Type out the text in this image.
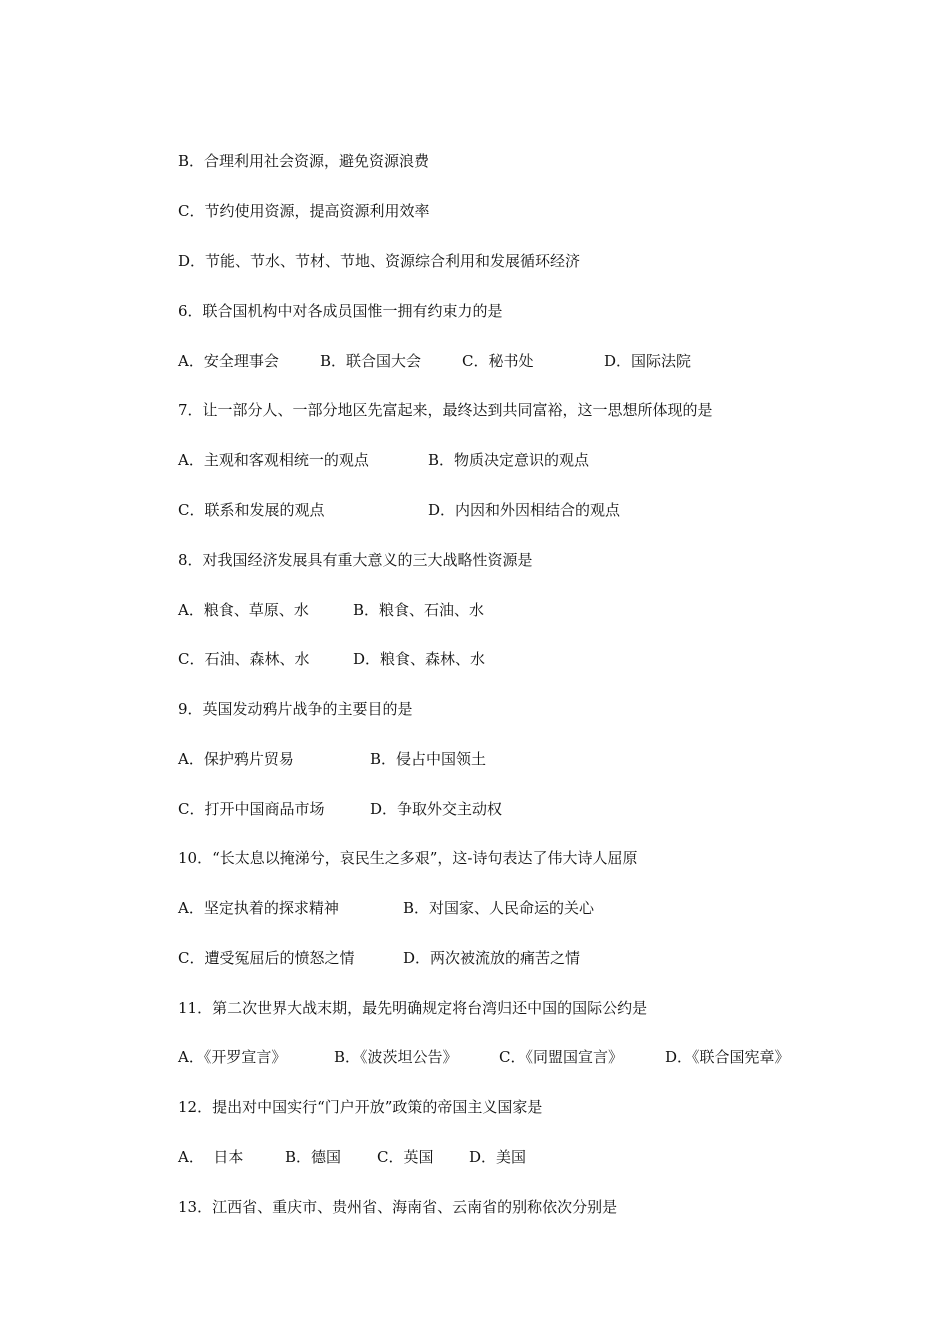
B．合理利用社会资源，避免资源浪费
C．节约使用资源，提高资源利用效率
D．节能、节水、节材、节地、资源综合利用和发展循环经济
6．联合国机构中对各成员国惟一拥有约束力的是

A．安全理事会

	B．联合国大会

	C．秘书处

	D．国际法院

7．让一部分人、一部分地区先富起来，最终达到共同富裕，这一思想所体现的是

A．主观和客观相统一的观点

	B．物质决定意识的观点

C．联系和发展的观点

	D．内因和外因相结合的观点

8．对我国经济发展具有重大意义的三大战略性资源是

A．粮食、草原、水

	B．粮食、石油、水

C．石油、森林、水

	D．粮食、森林、水

9．英国发动鸦片战争的主要目的是

A．保护鸦片贸易

	B．侵占中国领土

C．打开中国商品市场

	D．争取外交主动权

10．“长太息以掩涕兮，哀民生之多艰”，这-诗句表达了伟大诗人屈原

A．坚定执着的探求精神

	B．对国家、人民命运的关心

C．遭受冤屈后的愤怒之情

	D．两次被流放的痛苦之情

11．第二次世界大战末期，最先明确规定将台湾归还中国的国际公约是

A．《开罗宣言》

	B．《波茨坦公告》

	C．《同盟国宣言》

	D．《联合国宪章》

12．提出对中国实行“门户开放”政策的帝国主义国家是

A．  日本

	B．德国

C．英国

D．美国

13．江西省、重庆市、贵州省、海南省、云南省的别称依次分别是
